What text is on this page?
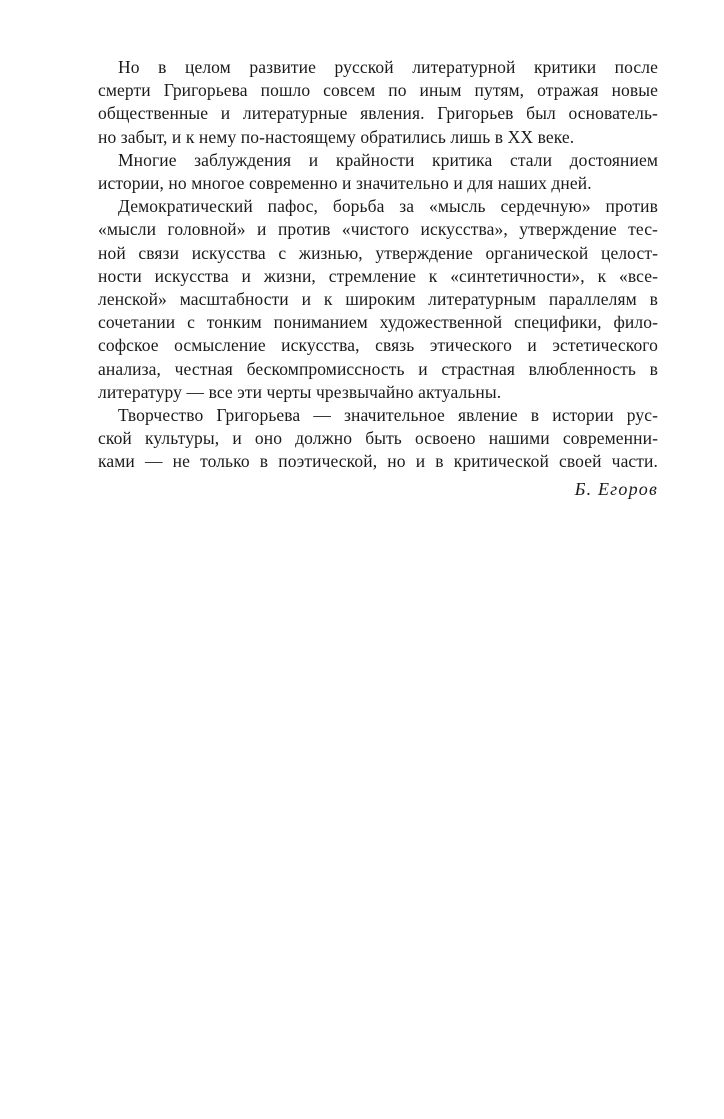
Но в целом развитие русской литературной критики после
смерти Григорьева пошло совсем по иным путям, отражая новые
общественные и литературные явления. Григорьев был основатель-
но забыт, и к нему по-настоящему обратились лишь в XX веке.
Многие заблуждения и крайности критика стали достоянием
истории, но многое современно и значительно и для наших дней.
Демократический пафос, борьба за «мысль сердечную» против
«мысли головной» и против «чистого искусства», утверждение тес-
ной связи искусства с жизнью, утверждение органической целост-
ности искусства и жизни, стремление к «синтетичности», к «все-
ленской» масштабности и к широким литературным параллелям в
сочетании с тонким пониманием художественной специфики, фило-
софское осмысление искусства, связь этического и эстетического
анализа, честная бескомпромиссность и страстная влюбленность в
литературу — все эти черты чрезвычайно актуальны.
Творчество Григорьева — значительное явление в истории рус-
ской культуры, и оно должно быть освоено нашими современни-
ками — не только в поэтической, но и в критической своей части.
Б. Егоров
